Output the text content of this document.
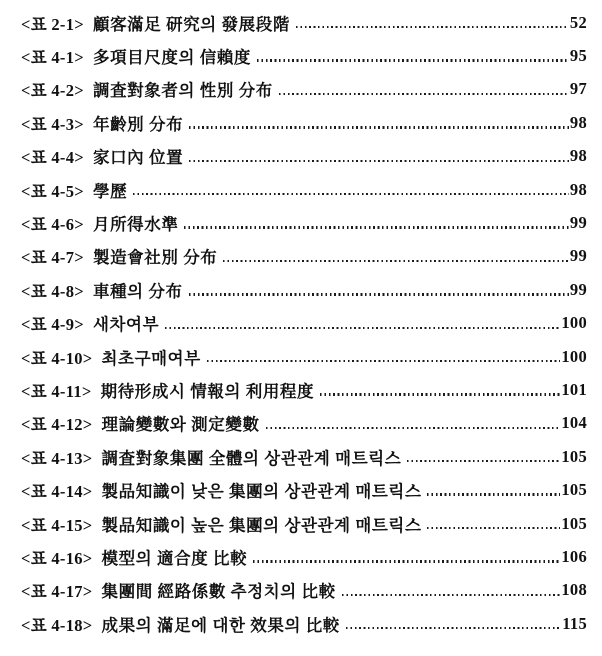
<표 2-1> 顧客滿足 研究의 發展段階	52
<표 4-1> 多項目尺度의 信賴度	95
<표 4-2> 調査對象者의 性別 分布	97
<표 4-3> 年齡別 分布	98
<표 4-4> 家口內 位置	98
<표 4-5> 學歷	98
<표 4-6> 月所得水準	99
<표 4-7> 製造會社別 分布	99
<표 4-8> 車種의 分布	99
<표 4-9> 새차여부	100
<표 4-10> 최초구매여부	100
<표 4-11> 期待形成시 情報의 利用程度	101
<표 4-12> 理論變數와 測定變數	104
<표 4-13> 調査對象集團 全體의 상관관계 매트릭스	105
<표 4-14> 製品知識이 낮은 集團의 상관관계 매트릭스	105
<표 4-15> 製品知識이 높은 集團의 상관관계 매트릭스	105
<표 4-16> 模型의 適合度 比較	106
<표 4-17> 集團間 經路係數 추정치의 比較	108
<표 4-18> 成果의 滿足에 대한 效果의 比較	115
